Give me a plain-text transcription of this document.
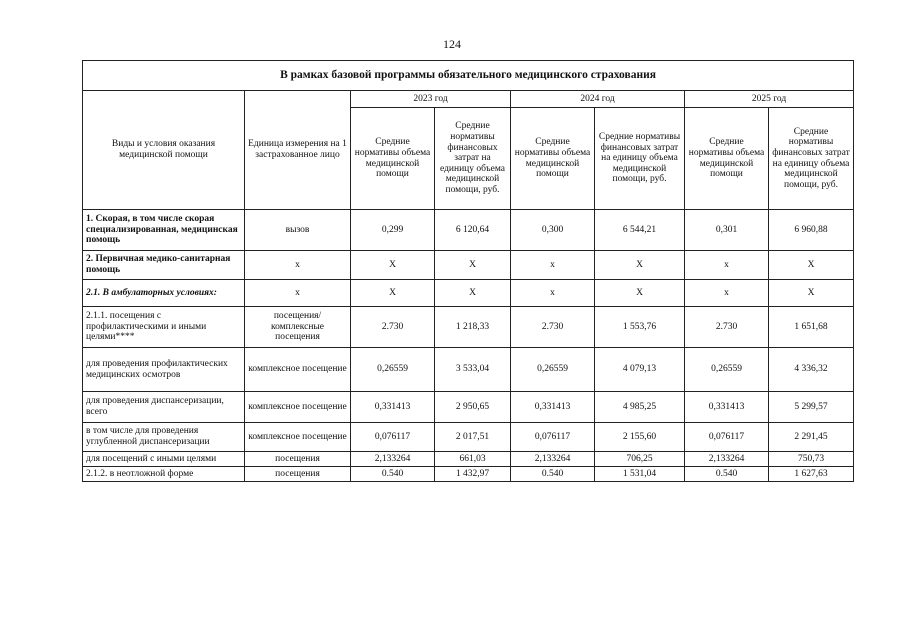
124
В рамках базовой программы обязательного медицинского страхования							
Виды и условия оказания медицинской помощи	Единица измерения на 1 застрахованное лицо	2023 год		2024 год		2025 год	
		Средние нормативы объема медицинской помощи	Средние нормативы финансовых затрат на единицу объема медицинской помощи, руб.	Средние нормативы объема медицинской помощи	Средние нормативы финансовых затрат на единицу объема медицинской помощи, руб.	Средние нормативы объема медицинской помощи	Средние нормативы финансовых затрат на единицу объема медицинской помощи, руб.
1. Скорая, в том числе скорая специализированная, медицинская помощь	вызов	0,299	6 120,64	0,300	6 544,21	0,301	6 960,88
2. Первичная медико-санитарная помощь	х	Х	Х	х	Х	х	Х
2.1. В амбулаторных условиях:	х	Х	Х	х	Х	х	Х
2.1.1. посещения с профилактическими и иными целями****	посещения/комплексные посещения	2.730	1 218,33	2.730	1 553,76	2.730	1 651,68
для проведения профилактических медицинских осмотров	комплексное посещение	0,26559	3 533,04	0,26559	4 079,13	0,26559	4 336,32
для проведения диспансеризации, всего	комплексное посещение	0,331413	2 950,65	0,331413	4 985,25	0,331413	5 299,57
в том числе для проведения углубленной диспансеризации	комплексное посещение	0,076117	2 017,51	0,076117	2 155,60	0,076117	2 291,45
для посещений с иными целями	посещения	2,133264	661,03	2,133264	706,25	2,133264	750,73
2.1.2. в неотложной форме	посещения	0.540	1 432,97	0.540	1 531,04	0.540	1 627,63
